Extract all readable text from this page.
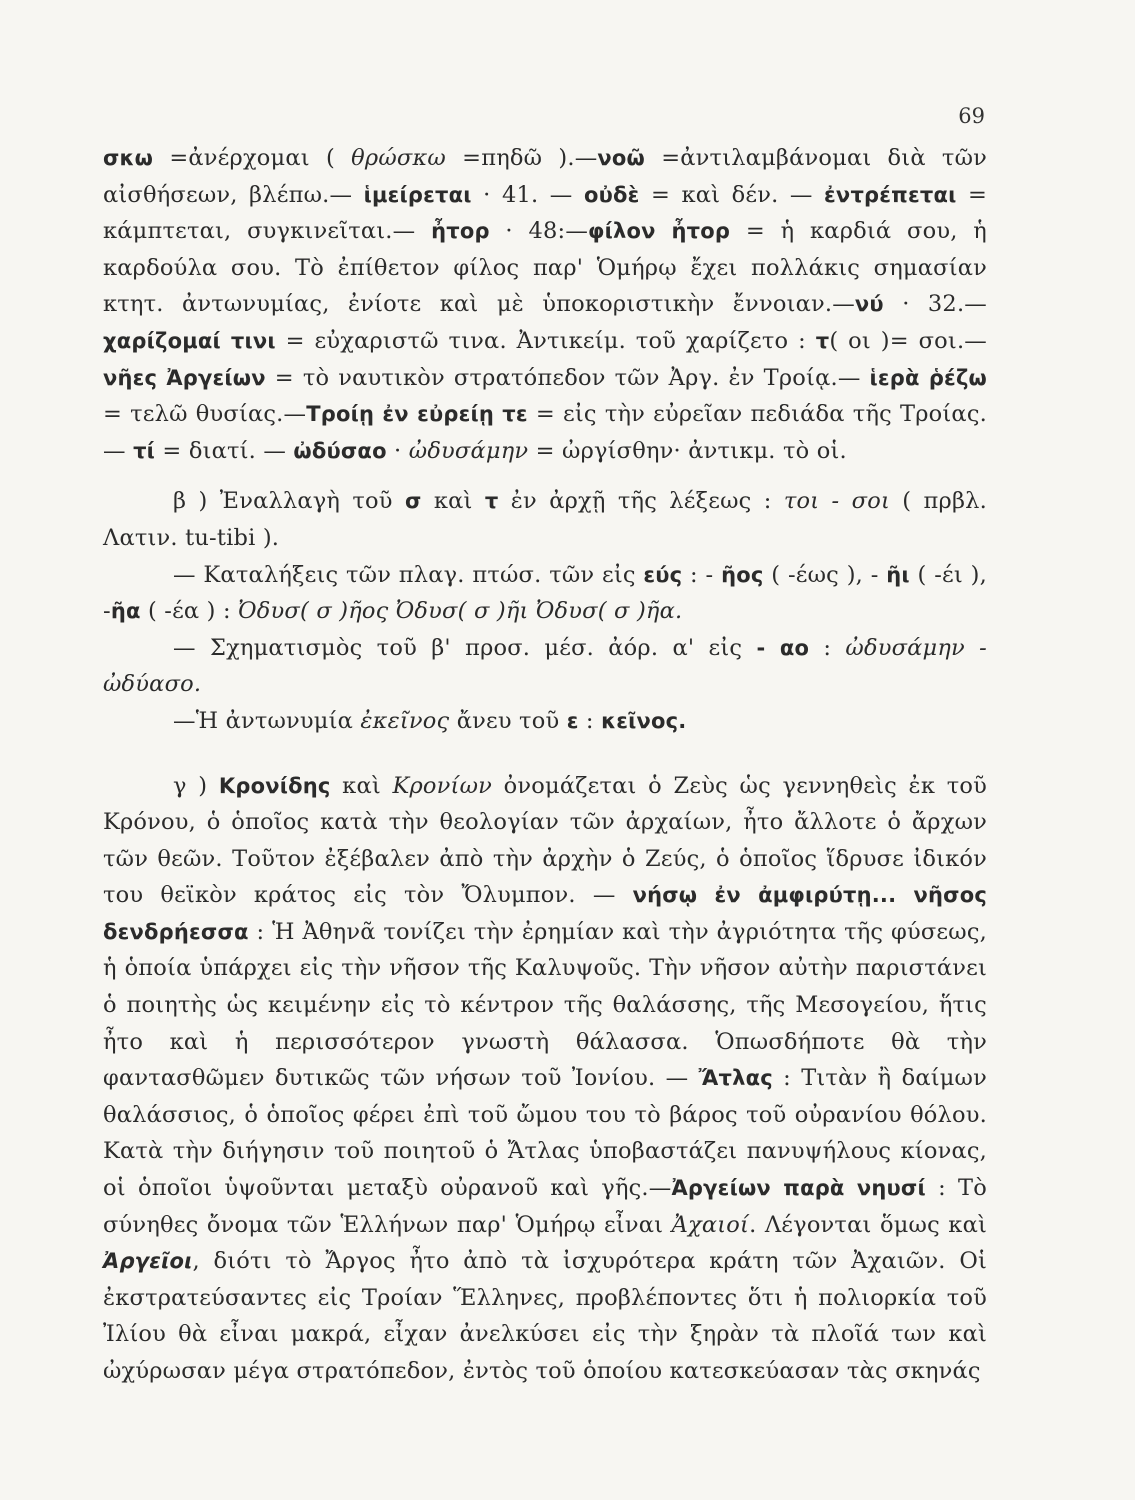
69

σκω =ἀνέρχομαι ( θρώσκω =πηδῶ ).—νοῶ =ἀντιλαμβάνομαι διὰ τῶν αἰσθήσεων, βλέπω.— ἱμείρεται · 41. — οὐδὲ = καὶ δέν. — ἐντρέπεται = κάμπτεται, συγκινεῖται.— ἦτορ · 48:—φίλον ἦτορ = ἡ καρδιά σου, ἡ καρδούλα σου. Τὸ ἐπίθετον φίλος παρ' Ὁμήρῳ ἔχει πολλάκις σημασίαν κτητ. ἀντωνυμίας, ἐνίοτε καὶ μὲ ὑποκοριστικὴν ἔννοιαν.—νύ · 32.— χαρίζομαί τινι = εὐχαριστῶ τινα. Ἀντικείμ. τοῦ χαρίζετο : τ( οι )= σοι.— νῆες Ἀργείων = τὸ ναυτικὸν στρατόπεδον τῶν Ἀργ. ἐν Τροίᾳ.— ἱερὰ ῥέζω = τελῶ θυσίας.—Τροίῃ ἐν εὐρείῃ τε = εἰς τὴν εὐρεῖαν πεδιάδα τῆς Τροίας. — τί = διατί. — ὠδύσαο · ὠδυσάμην = ὠργίσθην· ἀντικμ. τὸ οἱ.

β ) Ἐναλλαγὴ τοῦ σ καὶ τ ἐν ἀρχῇ τῆς λέξεως : τοι - σοι ( πρβλ. Λατιν. tu-tibi ).

— Καταλήξεις τῶν πλαγ. πτώσ. τῶν εἰς εύς : - ῆος ( -έως ), - ῆι ( -έι ), -ῆα ( -έα ) : Ὀδυσ( σ )ῆος Ὀδυσ( σ )ῆι Ὀδυσ( σ )ῆα.

— Σχηματισμὸς τοῦ β' προσ. μέσ. ἀόρ. α' εἰς - αο : ὠδυσάμην - ὠδύασο.

—Ἡ ἀντωνυμία ἐκεῖνος ἄνευ τοῦ ε : κεῖνος.

γ ) Κρονίδης καὶ Κρονίων ὀνομάζεται ὁ Ζεὺς ὡς γεννηθεὶς ἐκ τοῦ Κρόνου, ὁ ὁποῖος κατὰ τὴν θεολογίαν τῶν ἀρχαίων, ἦτο ἄλλοτε ὁ ἄρχων τῶν θεῶν. Τοῦτον ἐξέβαλεν ἀπὸ τὴν ἀρχὴν ὁ Ζεύς, ὁ ὁποῖος ἵδρυσε ἰδικόν του θεϊκὸν κράτος εἰς τὸν Ὄλυμπον. — νήσῳ ἐν ἀμφιρύτῃ... νῆσος δενδρήεσσα : Ἡ Ἀθηνᾶ τονίζει τὴν ἐρημίαν καὶ τὴν ἀγριότητα τῆς φύσεως, ἡ ὁποία ὑπάρχει εἰς τὴν νῆσον τῆς Καλυψοῦς. Τὴν νῆσον αὐτὴν παριστάνει ὁ ποιητὴς ὡς κειμένην εἰς τὸ κέντρον τῆς θαλάσσης, τῆς Μεσογείου, ἥτις ἦτο καὶ ἡ περισσότερον γνωστὴ θάλασσα. Ὁπωσδήποτε θὰ τὴν φαντασθῶμεν δυτικῶς τῶν νήσων τοῦ Ἰονίου. — Ἄτλας : Τιτὰν ἢ δαίμων θαλάσσιος, ὁ ὁποῖος φέρει ἐπὶ τοῦ ὤμου του τὸ βάρος τοῦ οὐρανίου θόλου. Κατὰ τὴν διήγησιν τοῦ ποιητοῦ ὁ Ἄτλας ὑποβαστάζει πανυψήλους κίονας, οἱ ὁποῖοι ὑψοῦνται μεταξὺ οὐρανοῦ καὶ γῆς.—Ἀργείων παρὰ νηυσί : Τὸ σύνηθες ὄνομα τῶν Ἑλλήνων παρ' Ὁμήρῳ εἶναι Ἀχαιοί. Λέγονται ὅμως καὶ Ἀργεῖοι, διότι τὸ Ἄργος ἦτο ἀπὸ τὰ ἰσχυρότερα κράτη τῶν Ἀχαιῶν. Οἱ ἐκστρατεύσαντες εἰς Τροίαν Ἕλληνες, προβλέποντες ὅτι ἡ πολιορκία τοῦ Ἰλίου θὰ εἶναι μακρά, εἶχαν ἀνελκύσει εἰς τὴν ξηρὰν τὰ πλοῖά των καὶ ὠχύρωσαν μέγα στρατόπεδον, ἐντὸς τοῦ ὁποίου κατεσκεύασαν τὰς σκηνάς
